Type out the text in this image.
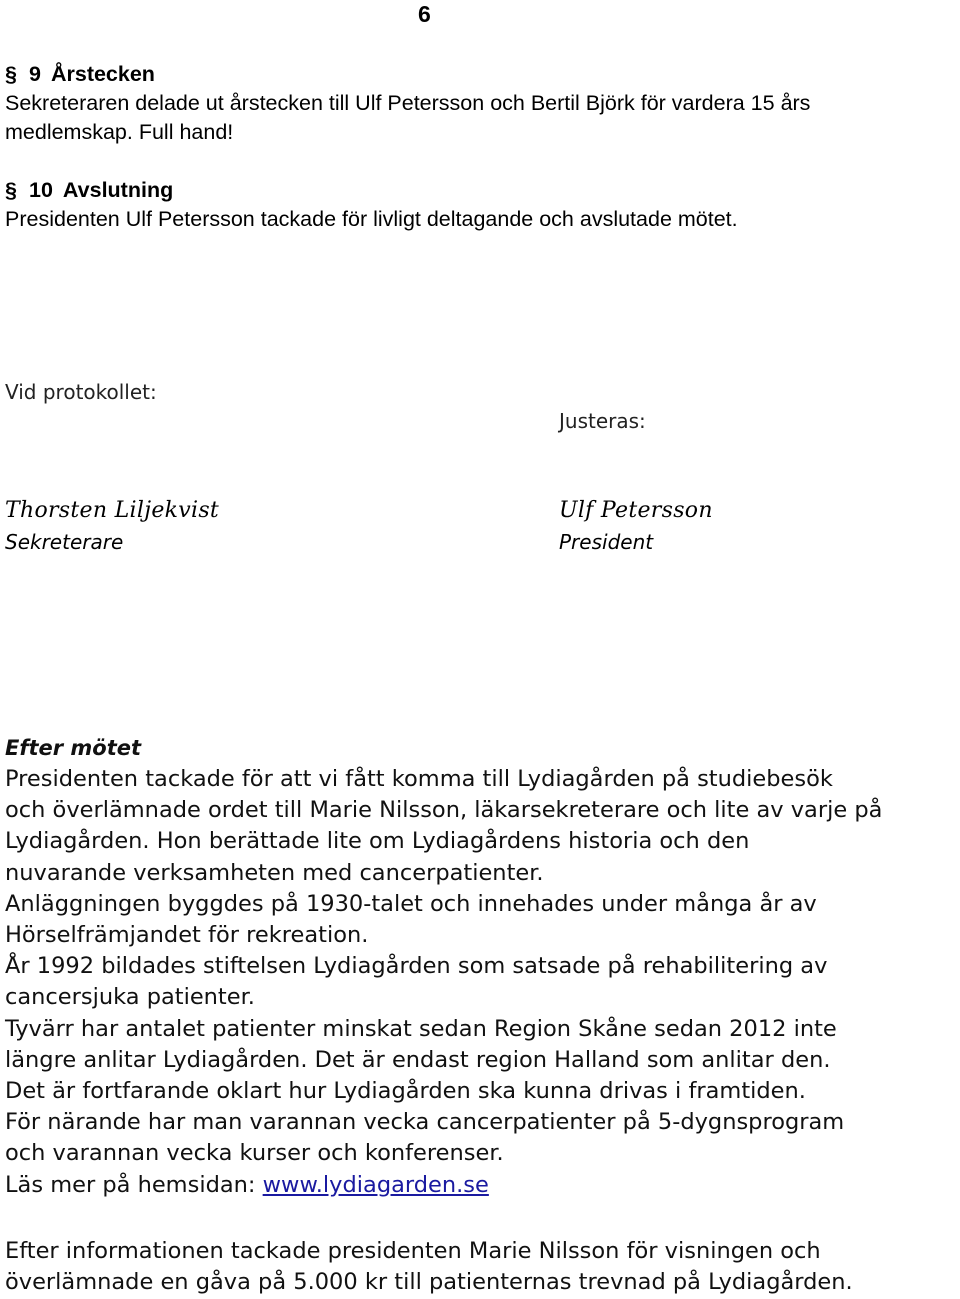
6
§ 9 Årstecken
Sekreteraren delade ut årstecken till Ulf Petersson och Bertil Björk för vardera 15 års
medlemskap. Full hand!
§ 10 Avslutning
Presidenten Ulf Petersson tackade för livligt deltagande och avslutade mötet.
Vid protokollet:
Justeras:
Thorsten Liljekvist
Sekreterare
Ulf Petersson
President
Efter mötet
Presidenten tackade för att vi fått komma till Lydiagården på studiebesök
och överlämnade ordet till Marie Nilsson, läkarsekreterare och lite av varje på
Lydiagården. Hon berättade lite om Lydiagårdens historia och den
nuvarande verksamheten med cancerpatienter.
Anläggningen byggdes på 1930-talet och innehades under många år av
Hörselfrämjandet för rekreation.
År 1992 bildades stiftelsen Lydiagården som satsade på rehabilitering av
cancersjuka patienter.
Tyvärr har antalet patienter minskat sedan Region Skåne sedan 2012 inte
längre anlitar Lydiagården. Det är endast region Halland som anlitar den.
Det är fortfarande oklart hur Lydiagården ska kunna drivas i framtiden.
För närande har man varannan vecka cancerpatienter på 5-dygnsprogram
och varannan vecka kurser och konferenser.
Läs mer på hemsidan: www.lydiagarden.se
Efter informationen tackade presidenten Marie Nilsson för visningen och
överlämnade en gåva på 5.000 kr till patienternas trevnad på Lydiagården.
